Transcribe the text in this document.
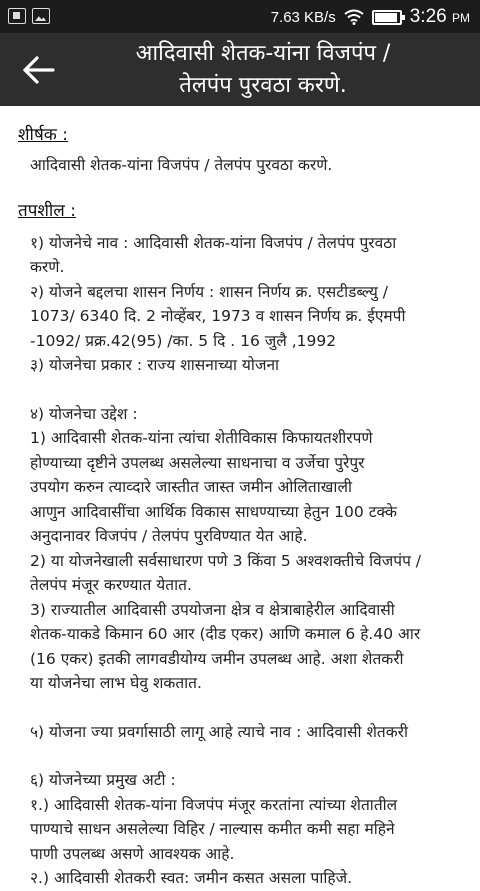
7.63 KB/s	3:26 PM
आदिवासी शेतक-यांना विजपंप /
तेलपंप पुरवठा करणे.
शीर्षक :
आदिवासी शेतक-यांना विजपंप / तेलपंप पुरवठा करणे.
तपशील :
१) योजनेचे नाव : आदिवासी शेतक-यांना विजपंप / तेलपंप पुरवठा
करणे.
२) योजने बद्दलचा शासन निर्णय : शासन निर्णय क्र. एसटीडब्ल्यु /
1073/ 6340 दि. 2 नोव्हेंबर, 1973 व शासन निर्णय क्र. ईएमपी
-1092/ प्रक्र.42(95) /का. 5 दि . 16 जुलै ,1992
३) योजनेचा प्रकार : राज्य शासनाच्या योजना
४) योजनेचा उद्देश :
1) आदिवासी शेतक-यांना त्यांचा शेतीविकास किफायतशीरपणे
होण्याच्या दृष्टीने उपलब्ध असलेल्या साधनाचा व उर्जेचा पुरेपुर
उपयोग करुन त्याव्दारे जास्तीत जास्त जमीन ओलिताखाली
आणुन आदिवासींचा आर्थिक विकास साधण्याच्या हेतुन 100 टक्के
अनुदानावर विजपंप / तेलपंप पुरविण्यात येत आहे.
2) या योजनेखाली सर्वसाधारण पणे 3 किंवा 5 अश्वशक्तीचे विजपंप /
तेलपंप मंजूर करण्यात येतात.
3) राज्यातील आदिवासी उपयोजना क्षेत्र व क्षेत्राबाहेरील आदिवासी
शेतक-याकडे किमान 60 आर (दीड एकर) आणि कमाल 6 हे.40 आर
(16 एकर) इतकी लागवडीयोग्य जमीन उपलब्ध आहे. अशा शेतकरी
या योजनेचा लाभ घेवु शकतात.
५) योजना ज्या प्रवर्गासाठी लागू आहे त्याचे नाव : आदिवासी शेतकरी
६) योजनेच्या प्रमुख अटी :
१.) आदिवासी शेतक-यांना विजपंप मंजूर करतांना त्यांच्या शेतातील
पाण्याचे साधन असलेल्या विहिर / नाल्यास कमीत कमी सहा महिने
पाणी उपलब्ध असणे आवश्यक आहे.
२.) आदिवासी शेतकरी स्वत: जमीन कसत असला पाहिजे.
